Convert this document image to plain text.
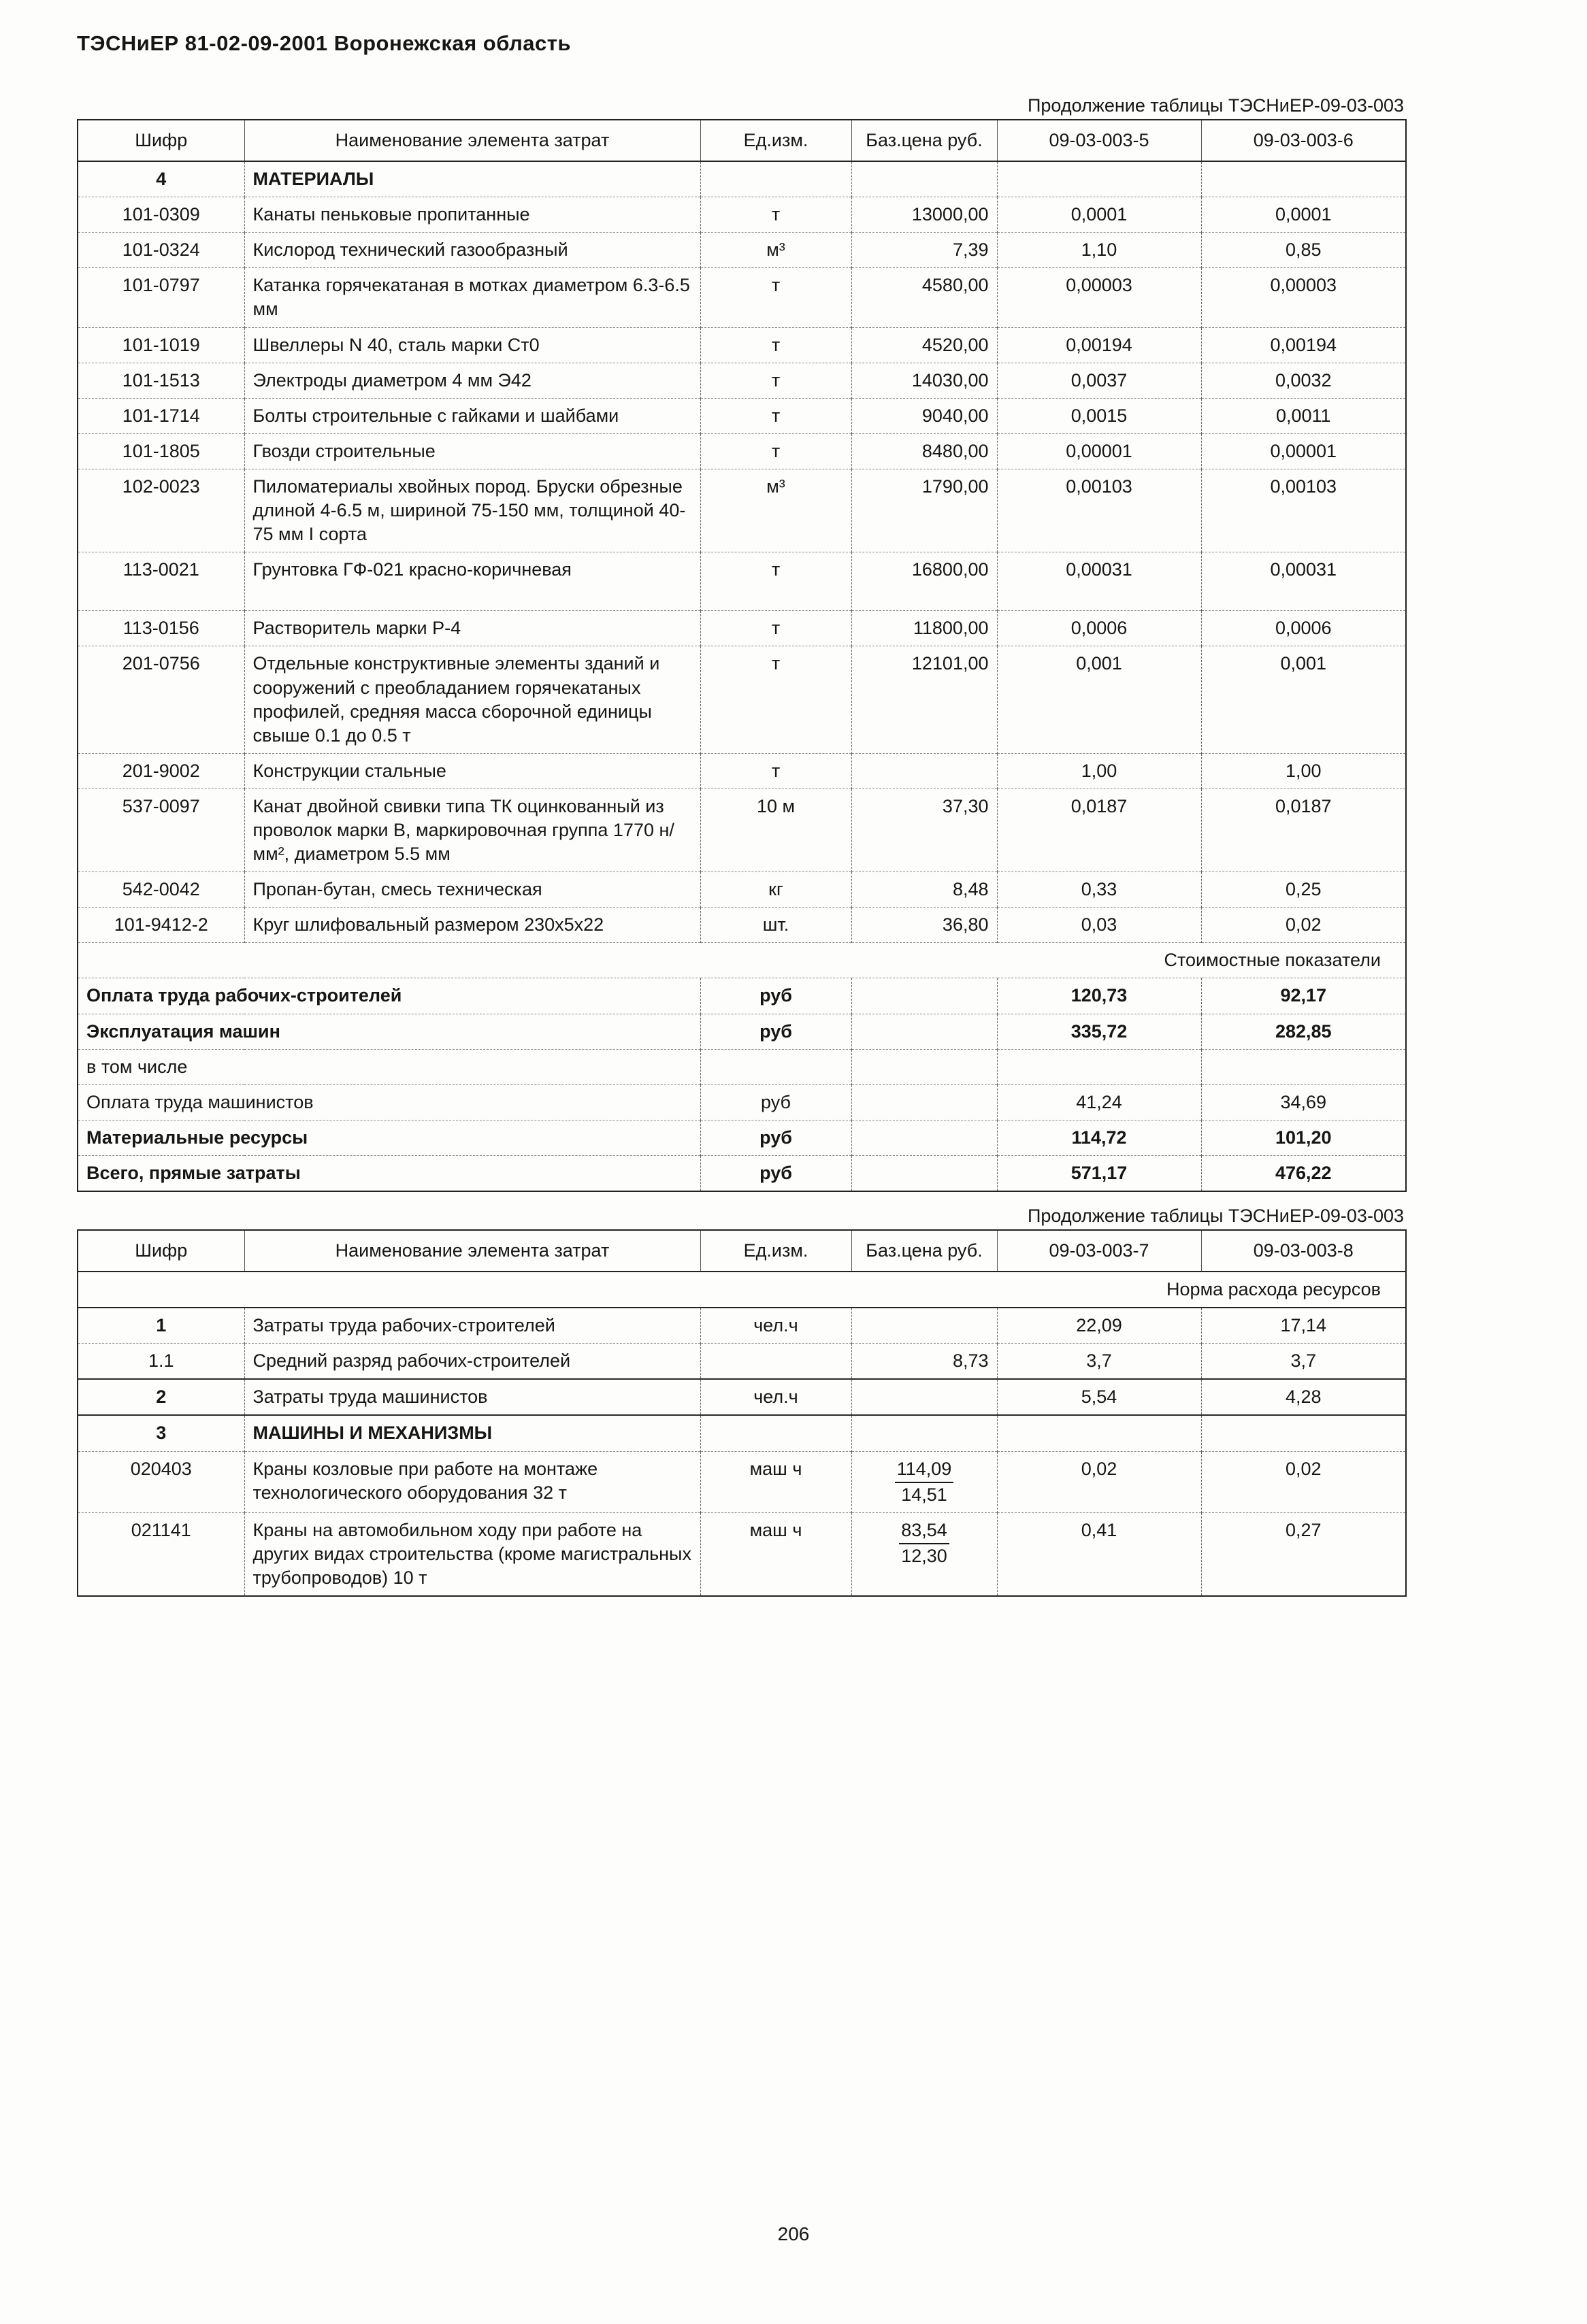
ТЭСНиЕР 81-02-09-2001 Воронежская область
Продолжение таблицы ТЭСНиЕР-09-03-003
Шифр	Наименование элемента затрат	Ед.изм.	Баз.цена руб.	09-03-003-5	09-03-003-6
4	МАТЕРИАЛЫ				
101-0309	Канаты пеньковые пропитанные	т	13000,00	0,0001	0,0001
101-0324	Кислород технический газообразный	м³	7,39	1,10	0,85
101-0797	Катанка горячекатаная в мотках диаметром 6.3-6.5 мм	т	4580,00	0,00003	0,00003
101-1019	Швеллеры N 40, сталь марки Ст0	т	4520,00	0,00194	0,00194
101-1513	Электроды диаметром 4 мм Э42	т	14030,00	0,0037	0,0032
101-1714	Болты строительные с гайками и шайбами	т	9040,00	0,0015	0,0011
101-1805	Гвозди строительные	т	8480,00	0,00001	0,00001
102-0023	Пиломатериалы хвойных пород. Бруски обрезные длиной 4-6.5 м, шириной 75-150 мм, толщиной 40-75 мм I сорта	м³	1790,00	0,00103	0,00103
113-0021	Грунтовка ГФ-021 красно-коричневая	т	16800,00	0,00031	0,00031
113-0156	Растворитель марки Р-4	т	11800,00	0,0006	0,0006
201-0756	Отдельные конструктивные элементы зданий и сооружений с преобладанием горячекатаных профилей, средняя масса сборочной единицы свыше 0.1 до 0.5 т	т	12101,00	0,001	0,001
201-9002	Конструкции стальные	т		1,00	1,00
537-0097	Канат двойной свивки типа ТК оцинкованный из проволок марки В, маркировочная группа 1770 н/мм², диаметром 5.5 мм	10 м	37,30	0,0187	0,0187
542-0042	Пропан-бутан, смесь техническая	кг	8,48	0,33	0,25
101-9412-2	Круг шлифовальный размером 230х5х22	шт.	36,80	0,03	0,02
Стоимостные показатели					
Оплата труда рабочих-строителей		руб		120,73	92,17
Эксплуатация машин		руб		335,72	282,85
в том числе					
Оплата труда машинистов		руб		41,24	34,69
Материальные ресурсы		руб		114,72	101,20
Всего, прямые затраты		руб		571,17	476,22
Продолжение таблицы ТЭСНиЕР-09-03-003
Шифр	Наименование элемента затрат	Ед.изм.	Баз.цена руб.	09-03-003-7	09-03-003-8
Норма расхода ресурсов					
1	Затраты труда рабочих-строителей	чел.ч		22,09	17,14
1.1	Средний разряд рабочих-строителей		8,73	3,7	3,7
2	Затраты труда машинистов	чел.ч		5,54	4,28
3	МАШИНЫ И МЕХАНИЗМЫ				
020403	Краны козловые при работе на монтаже технологического оборудования 32 т	маш ч	114,09
14,51	0,02	0,02
021141	Краны на автомобильном ходу при работе на других видах строительства (кроме магистральных трубопроводов) 10 т	маш ч	83,54
12,30	0,41	0,27
206
